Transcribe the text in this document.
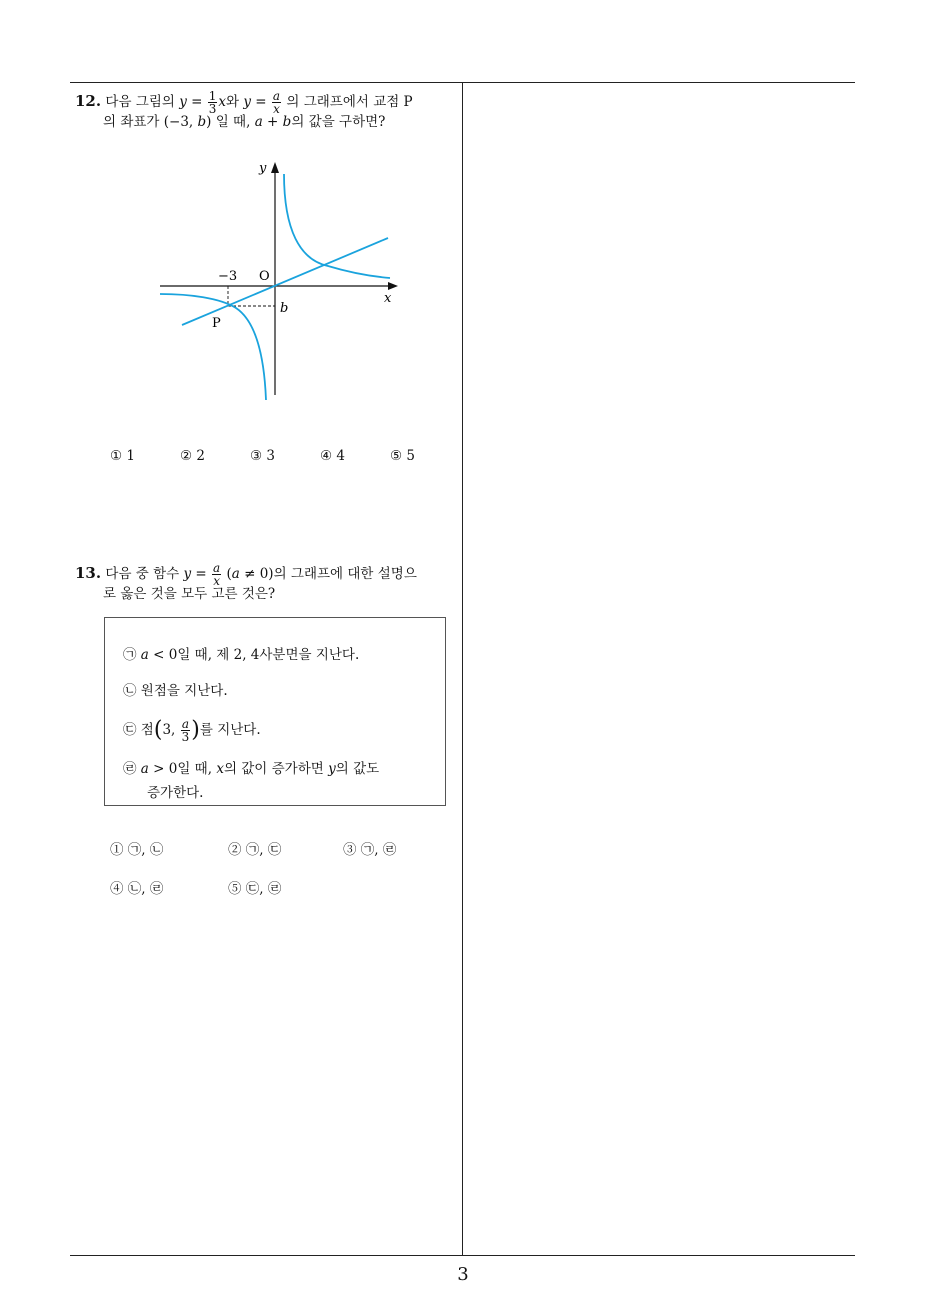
12. 다음 그림의 $y = \frac{1}{3}$ x와 $y = \frac{a}{x}$ 의 그래프에서 교점 P
의 좌표가 (−3, b) 일 때, a + b의 값을 구하면?
y
x
O
−3
b
P
① 1	② 2	③ 3	④ 4	⑤ 5
13. 다음 중 함수 $y = \frac{a}{x} (a \ne 0)$의 그래프에 대한 설명으
로 옳은 것을 모두 고른 것은?
㉠ a < 0일 때, 제 2, 4사분면을 지난다.
㉡ 원점을 지난다.
㉢ 점(3, $\frac{a}{3}$ )를 지난다.
㉣ a > 0일 때, x의 값이 증가하면 y의 값도
증가한다.
① ㉠, ㉡	② ㉠, ㉢	③ ㉠, ㉣
④ ㉡, ㉣	⑤ ㉢, ㉣
3
